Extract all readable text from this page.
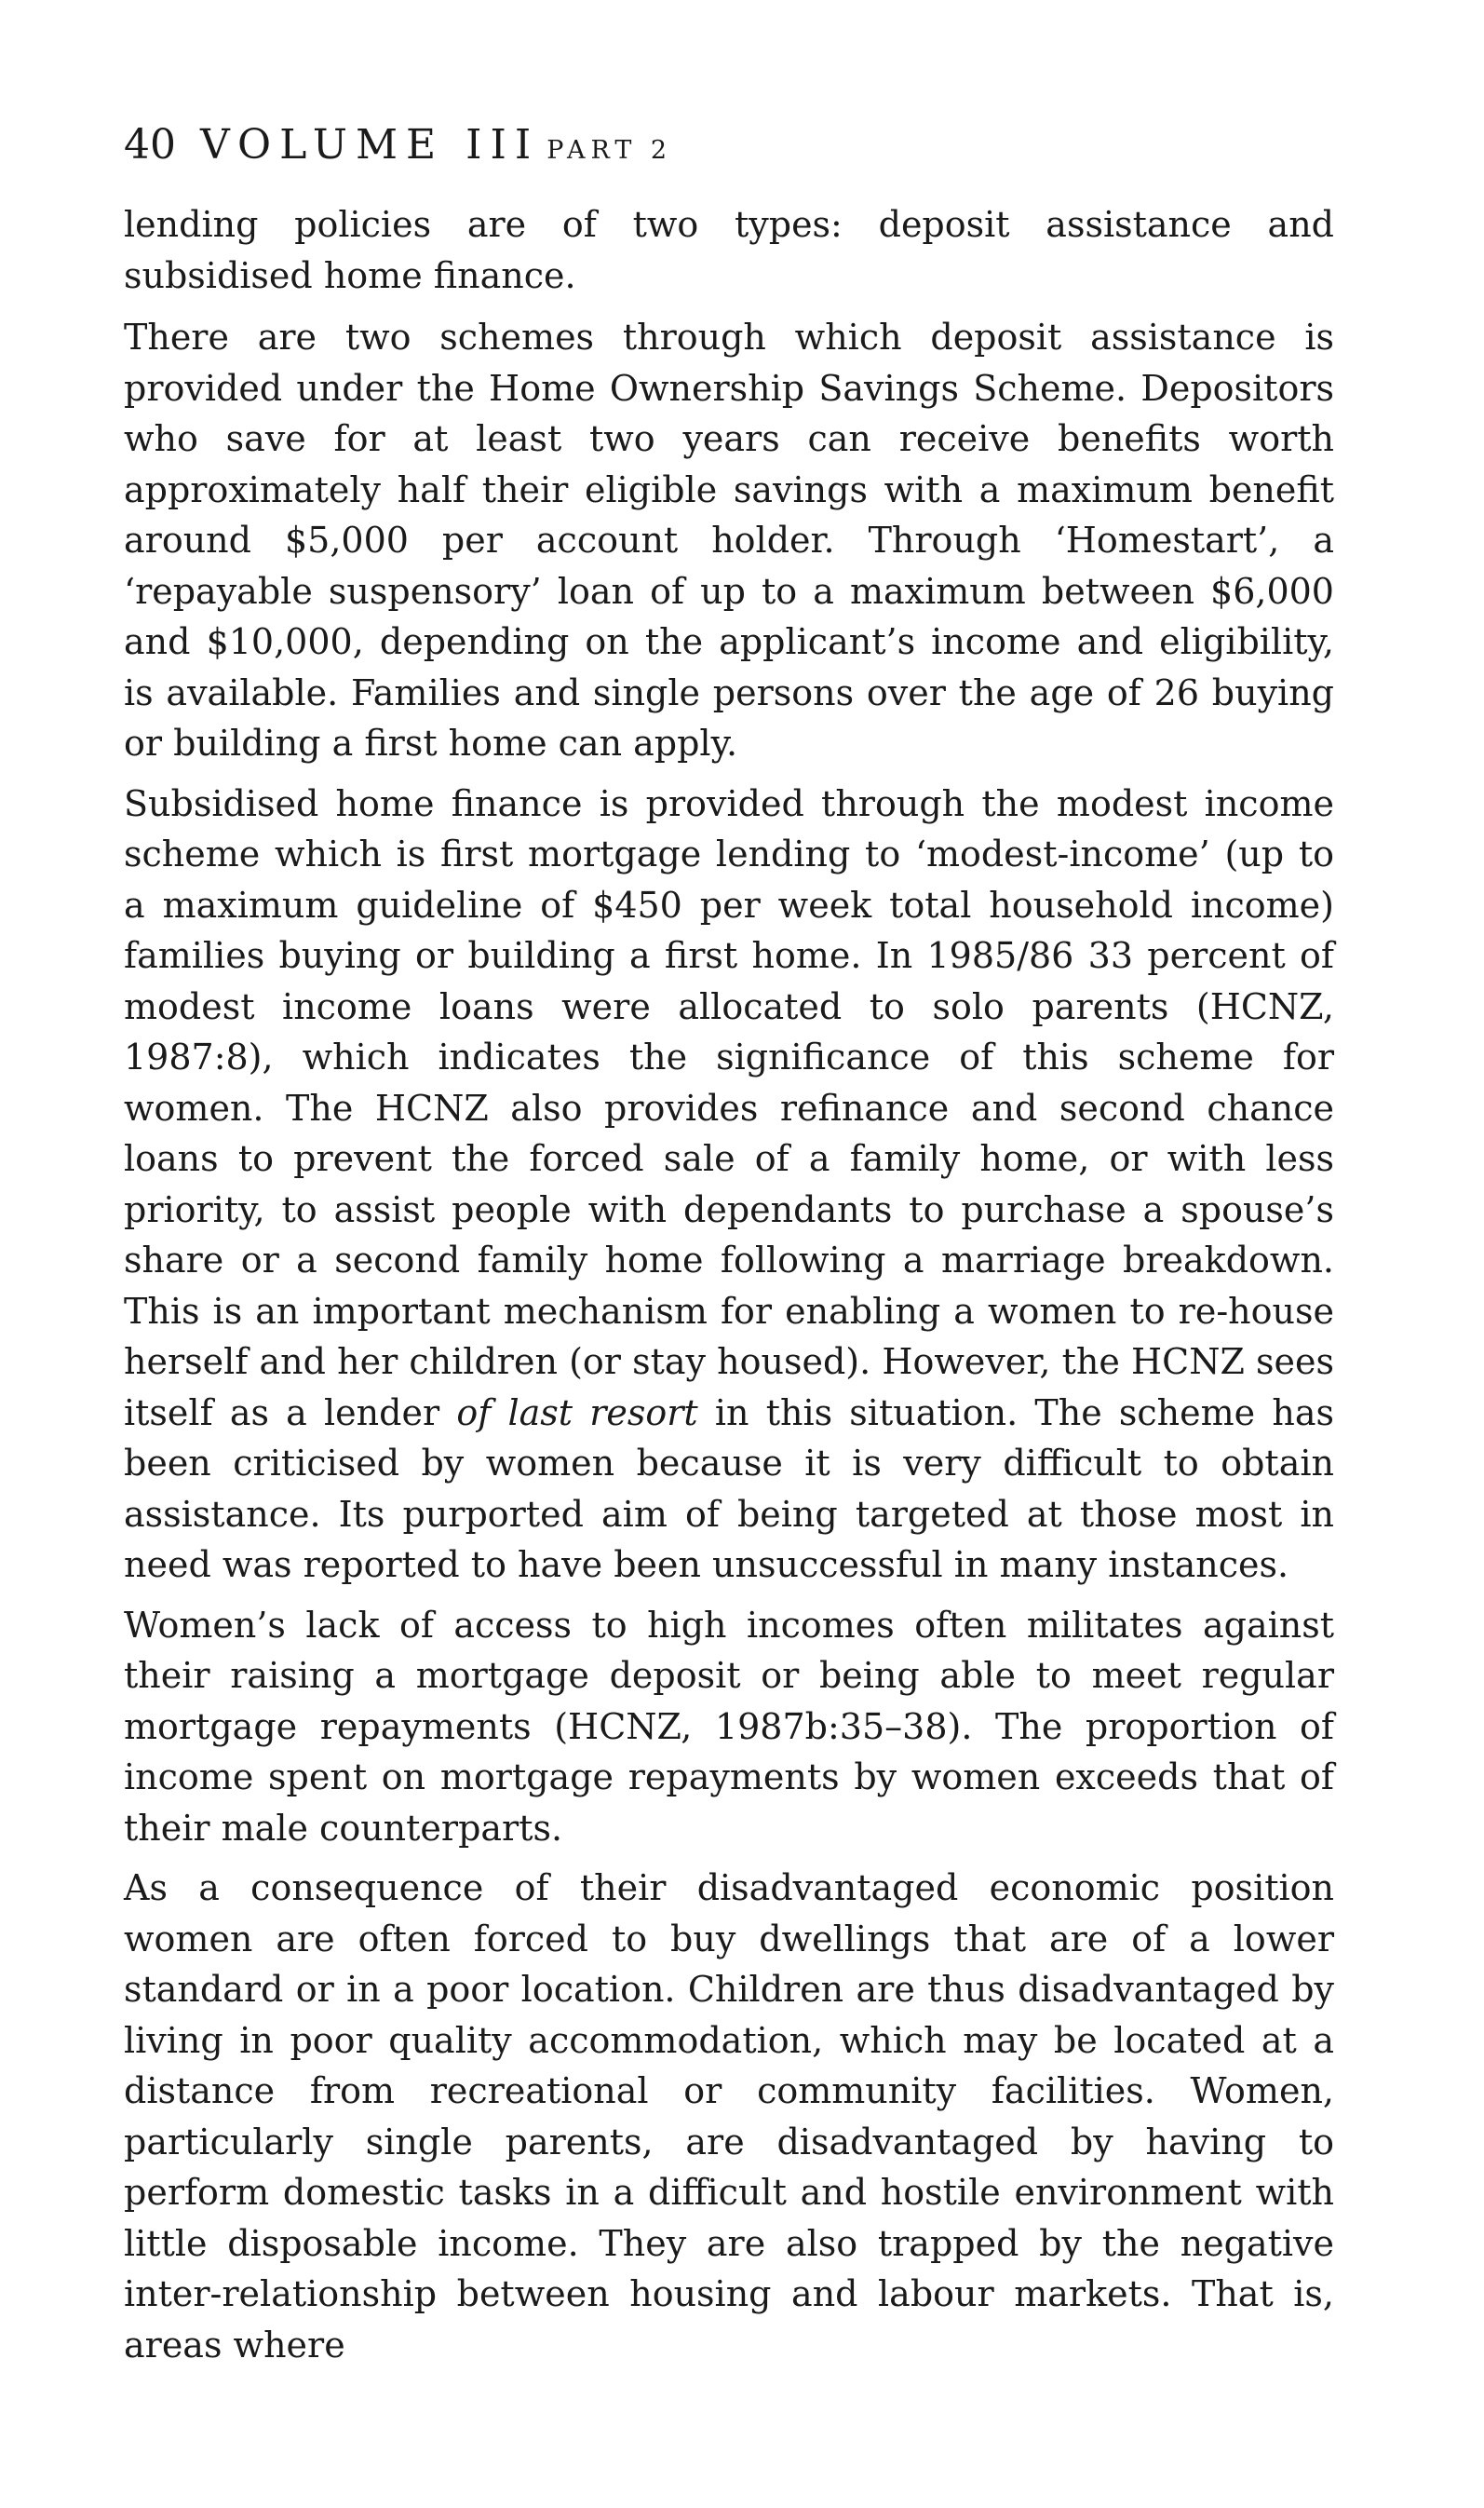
40 VOLUME III PART 2

lending policies are of two types: deposit assistance and subsidised home finance.

There are two schemes through which deposit assistance is provided under the Home Ownership Savings Scheme. Depositors who save for at least two years can receive benefits worth approximately half their eligible savings with a maximum benefit around $5,000 per account holder. Through ‘Homestart’, a ‘repayable suspensory’ loan of up to a maximum between $6,000 and $10,000, depending on the applicant’s income and eligibility, is available. Families and single persons over the age of 26 buying or building a first home can apply.

Subsidised home finance is provided through the modest income scheme which is first mortgage lending to ‘modest-income’ (up to a maximum guideline of $450 per week total household income) families buying or building a first home. In 1985/86 33 percent of modest income loans were allocated to solo parents (HCNZ, 1987:8), which indicates the significance of this scheme for women. The HCNZ also provides refinance and second chance loans to prevent the forced sale of a family home, or with less priority, to assist people with dependants to purchase a spouse’s share or a second family home following a marriage breakdown. This is an important mechanism for enabling a women to re-house herself and her children (or stay housed). However, the HCNZ sees itself as a lender of last resort in this situation. The scheme has been criticised by women because it is very difficult to obtain assistance. Its purported aim of being targeted at those most in need was reported to have been unsuccessful in many instances.

Women’s lack of access to high incomes often militates against their raising a mortgage deposit or being able to meet regular mortgage repayments (HCNZ, 1987b:35–38). The proportion of income spent on mortgage repayments by women exceeds that of their male counterparts.

As a consequence of their disadvantaged economic position women are often forced to buy dwellings that are of a lower standard or in a poor location. Children are thus disadvantaged by living in poor quality accommodation, which may be located at a distance from recreational or community facilities. Women, particularly single parents, are disadvantaged by having to perform domestic tasks in a difficult and hostile environment with little disposable income. They are also trapped by the negative inter-relationship between housing and labour markets. That is, areas where
